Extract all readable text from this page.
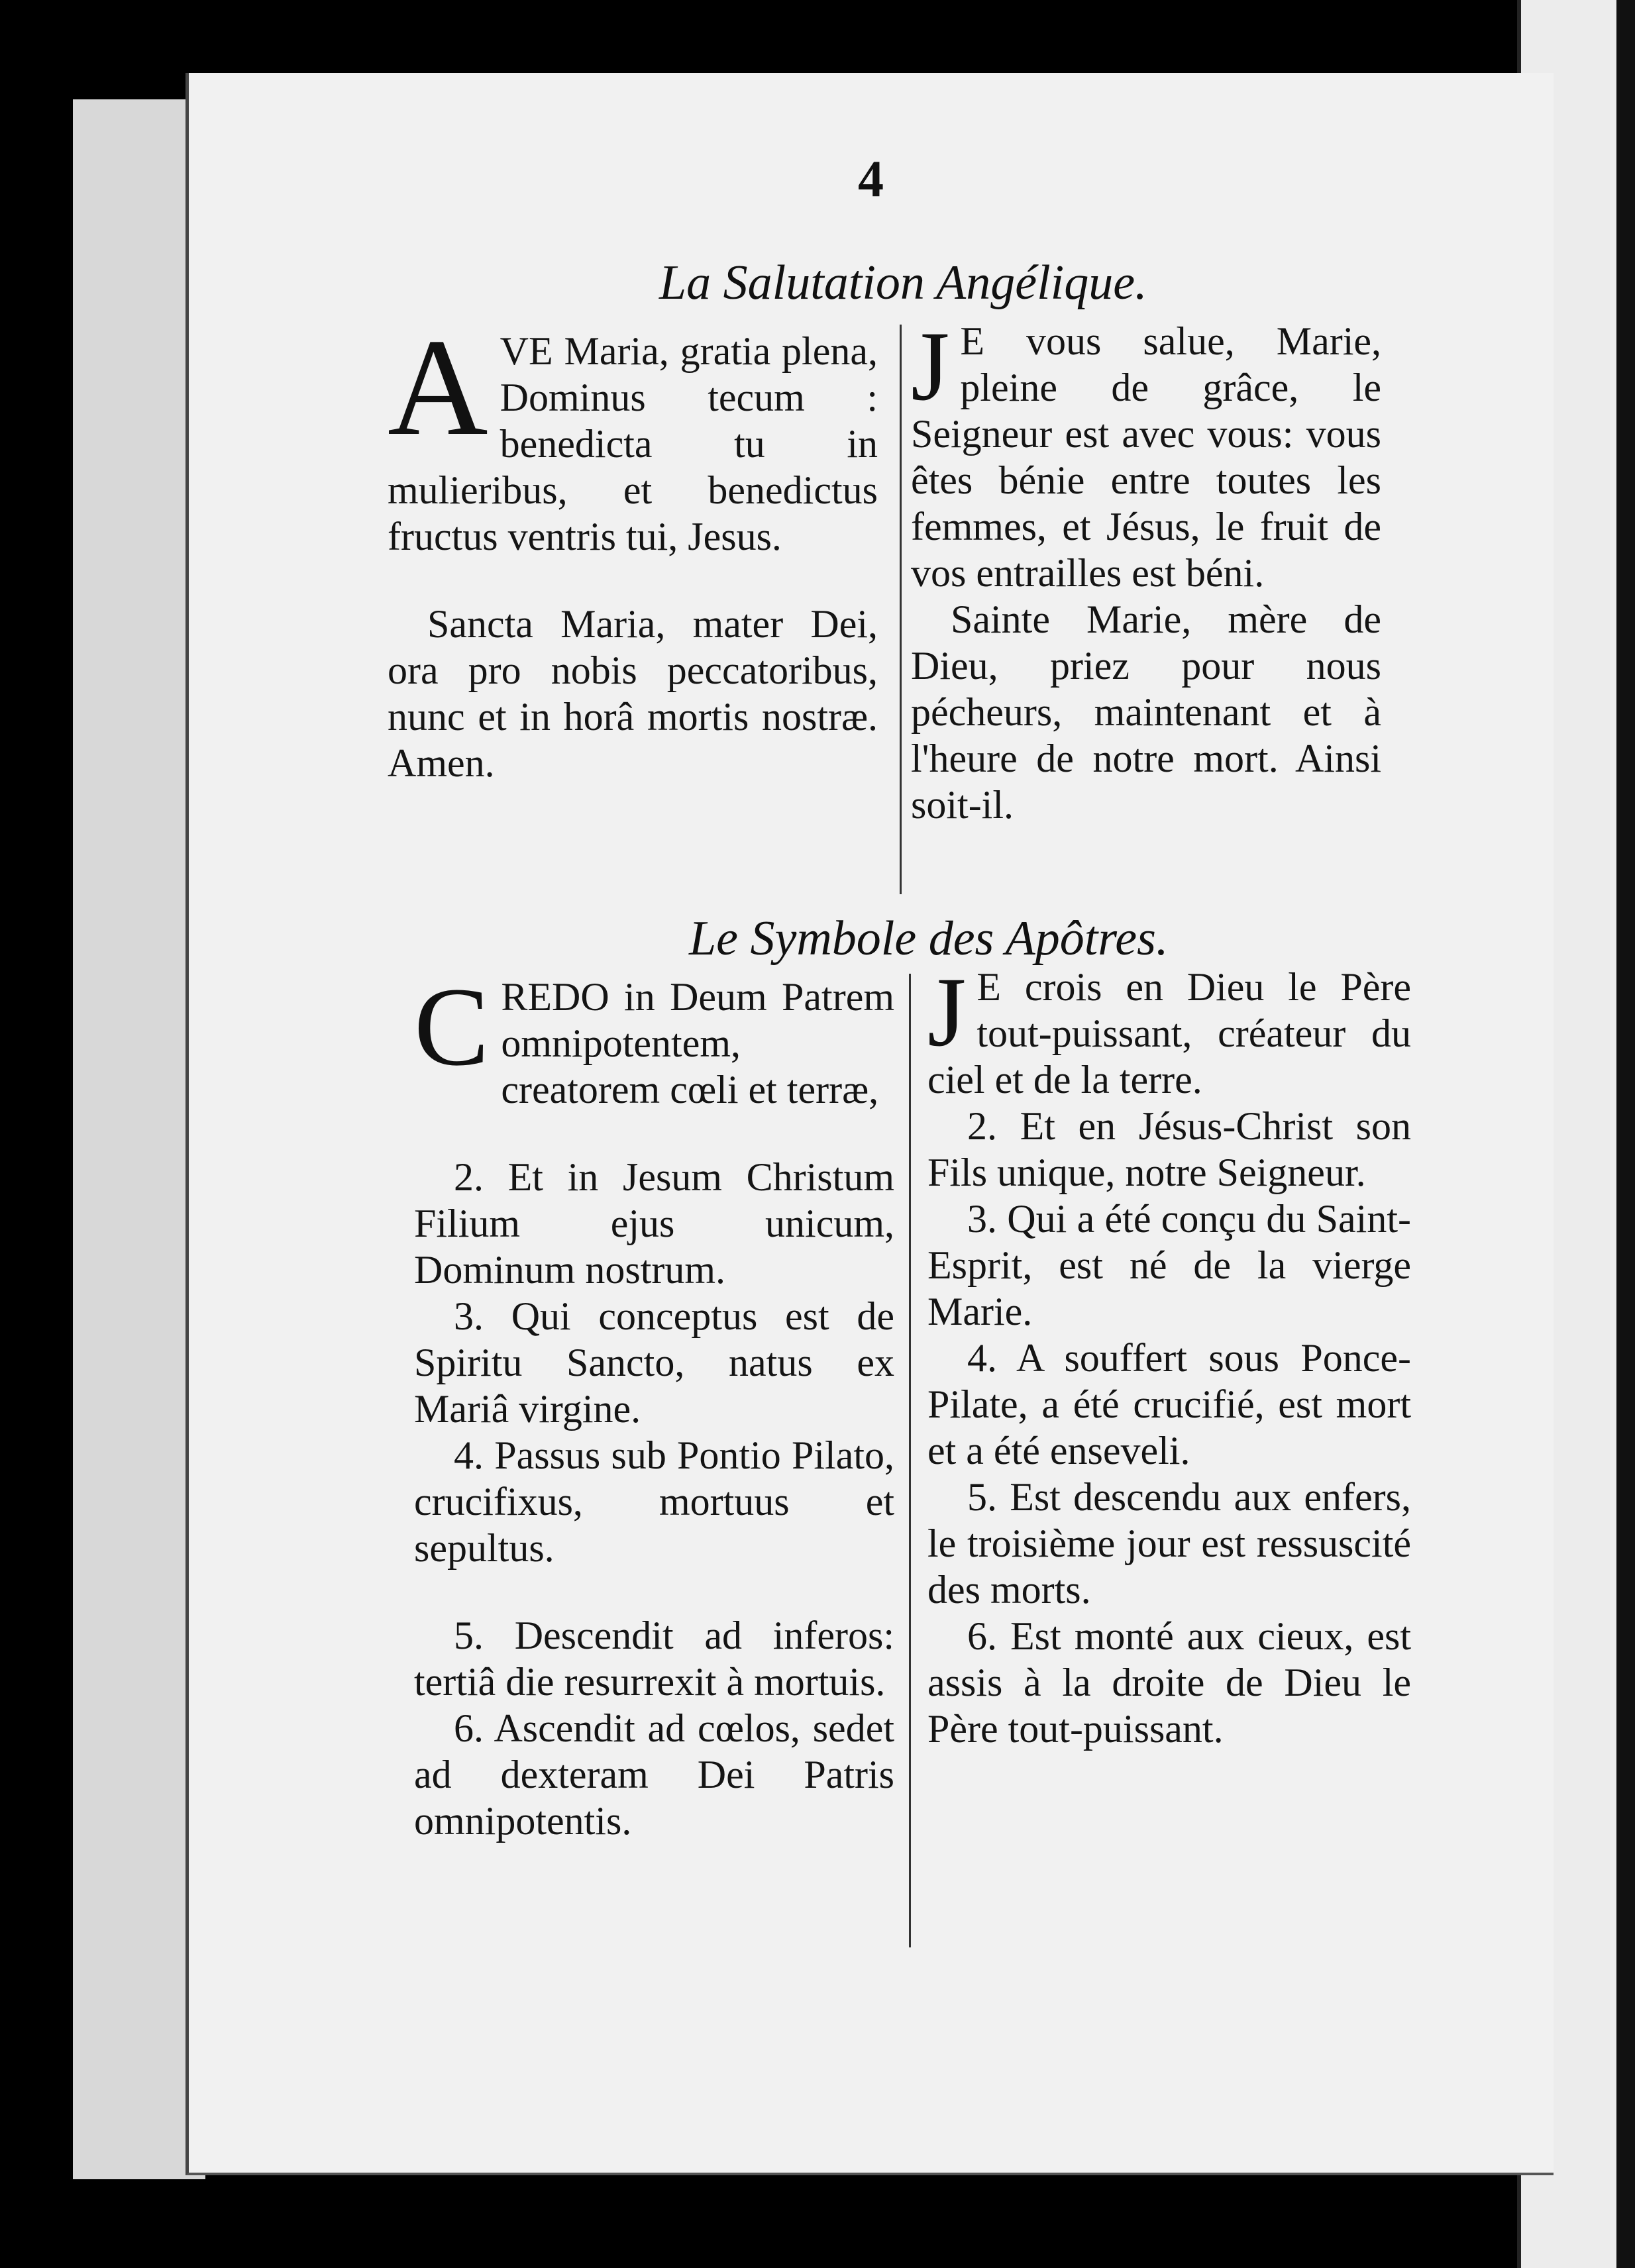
4
La Salutation Angélique.
A VE Maria, gratia plena, Dominus tecum : benedicta tu in mulieribus, et benedictus fructus ventris tui, Jesus.

Sancta Maria, mater Dei, ora pro nobis peccatoribus, nunc et in horâ mortis nostræ. Amen.

J E vous salue, Marie, pleine de grâce, le Seigneur est avec vous: vous êtes bénie entre toutes les femmes, et Jésus, le fruit de vos entrailles est béni.

Sainte Marie, mère de Dieu, priez pour nous pécheurs, maintenant et à l'heure de notre mort. Ainsi soit-il.

Le Symbole des Apôtres.
C REDO in Deum Patrem omnipotentem, creatorem cœli et terræ,

2. Et in Jesum Christum Filium ejus unicum, Dominum nostrum.

3. Qui conceptus est de Spiritu Sancto, natus ex Mariâ virgine.

4. Passus sub Pontio Pilato, crucifixus, mortuus et sepultus.

5. Descendit ad inferos: tertiâ die resurrexit à mortuis.

6. Ascendit ad cœlos, sedet ad dexteram Dei Patris omnipotentis.

J E crois en Dieu le Père tout-puissant, créateur du ciel et de la terre.

2. Et en Jésus-Christ son Fils unique, notre Seigneur.

3. Qui a été conçu du Saint-Esprit, est né de la vierge Marie.

4. A souffert sous Ponce-Pilate, a été crucifié, est mort et a été enseveli.

5. Est descendu aux enfers, le troisième jour est ressuscité des morts.

6. Est monté aux cieux, est assis à la droite de Dieu le Père tout-puissant.
